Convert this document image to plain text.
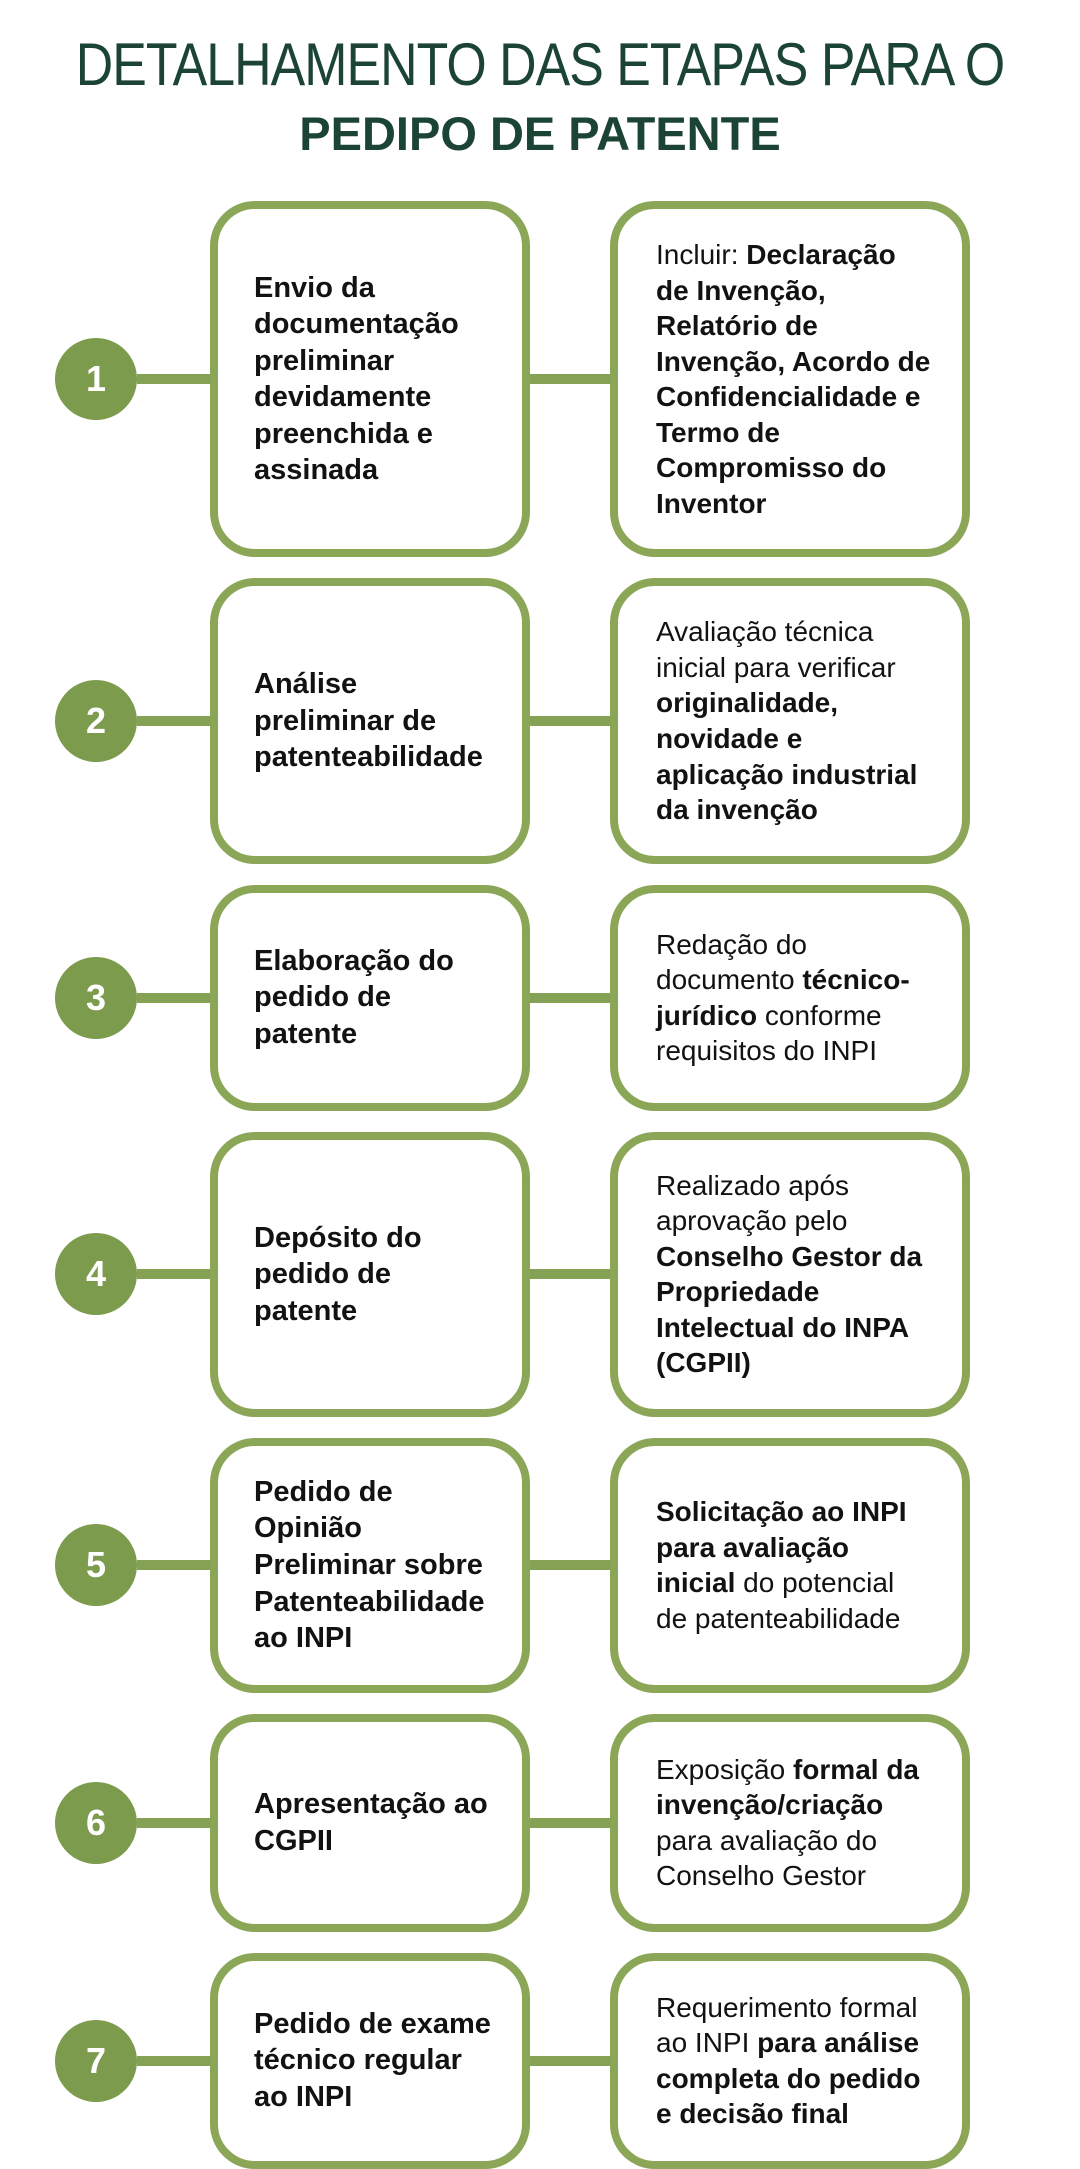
DETALHAMENTO DAS ETAPAS PARA O
PEDIPO DE PATENTE
1

Envio da documentação preliminar devidamente preenchida e assinada

Incluir: Declaração de Invenção, Relatório de Invenção, Acordo de Confidencialidade e Termo de Compromisso do Inventor

2

Análise preliminar de patenteabilidade

Avaliação técnica inicial para verificar originalidade, novidade e aplicação industrial da invenção

3

Elaboração do pedido de patente

Redação do documento técnico-jurídico conforme requisitos do INPI

4

Depósito do pedido de patente

Realizado após aprovação pelo Conselho Gestor da Propriedade Intelectual do INPA (CGPII)

5

Pedido de Opinião Preliminar sobre Patenteabilidade ao INPI

Solicitação ao INPI para avaliação inicial do potencial de patenteabilidade

6	Apresentação ao CGPII

Exposição formal da invenção/criação para avaliação do Conselho Gestor

7

Pedido de exame técnico regular ao INPI

Requerimento formal ao INPI para análise completa do pedido e decisão final
